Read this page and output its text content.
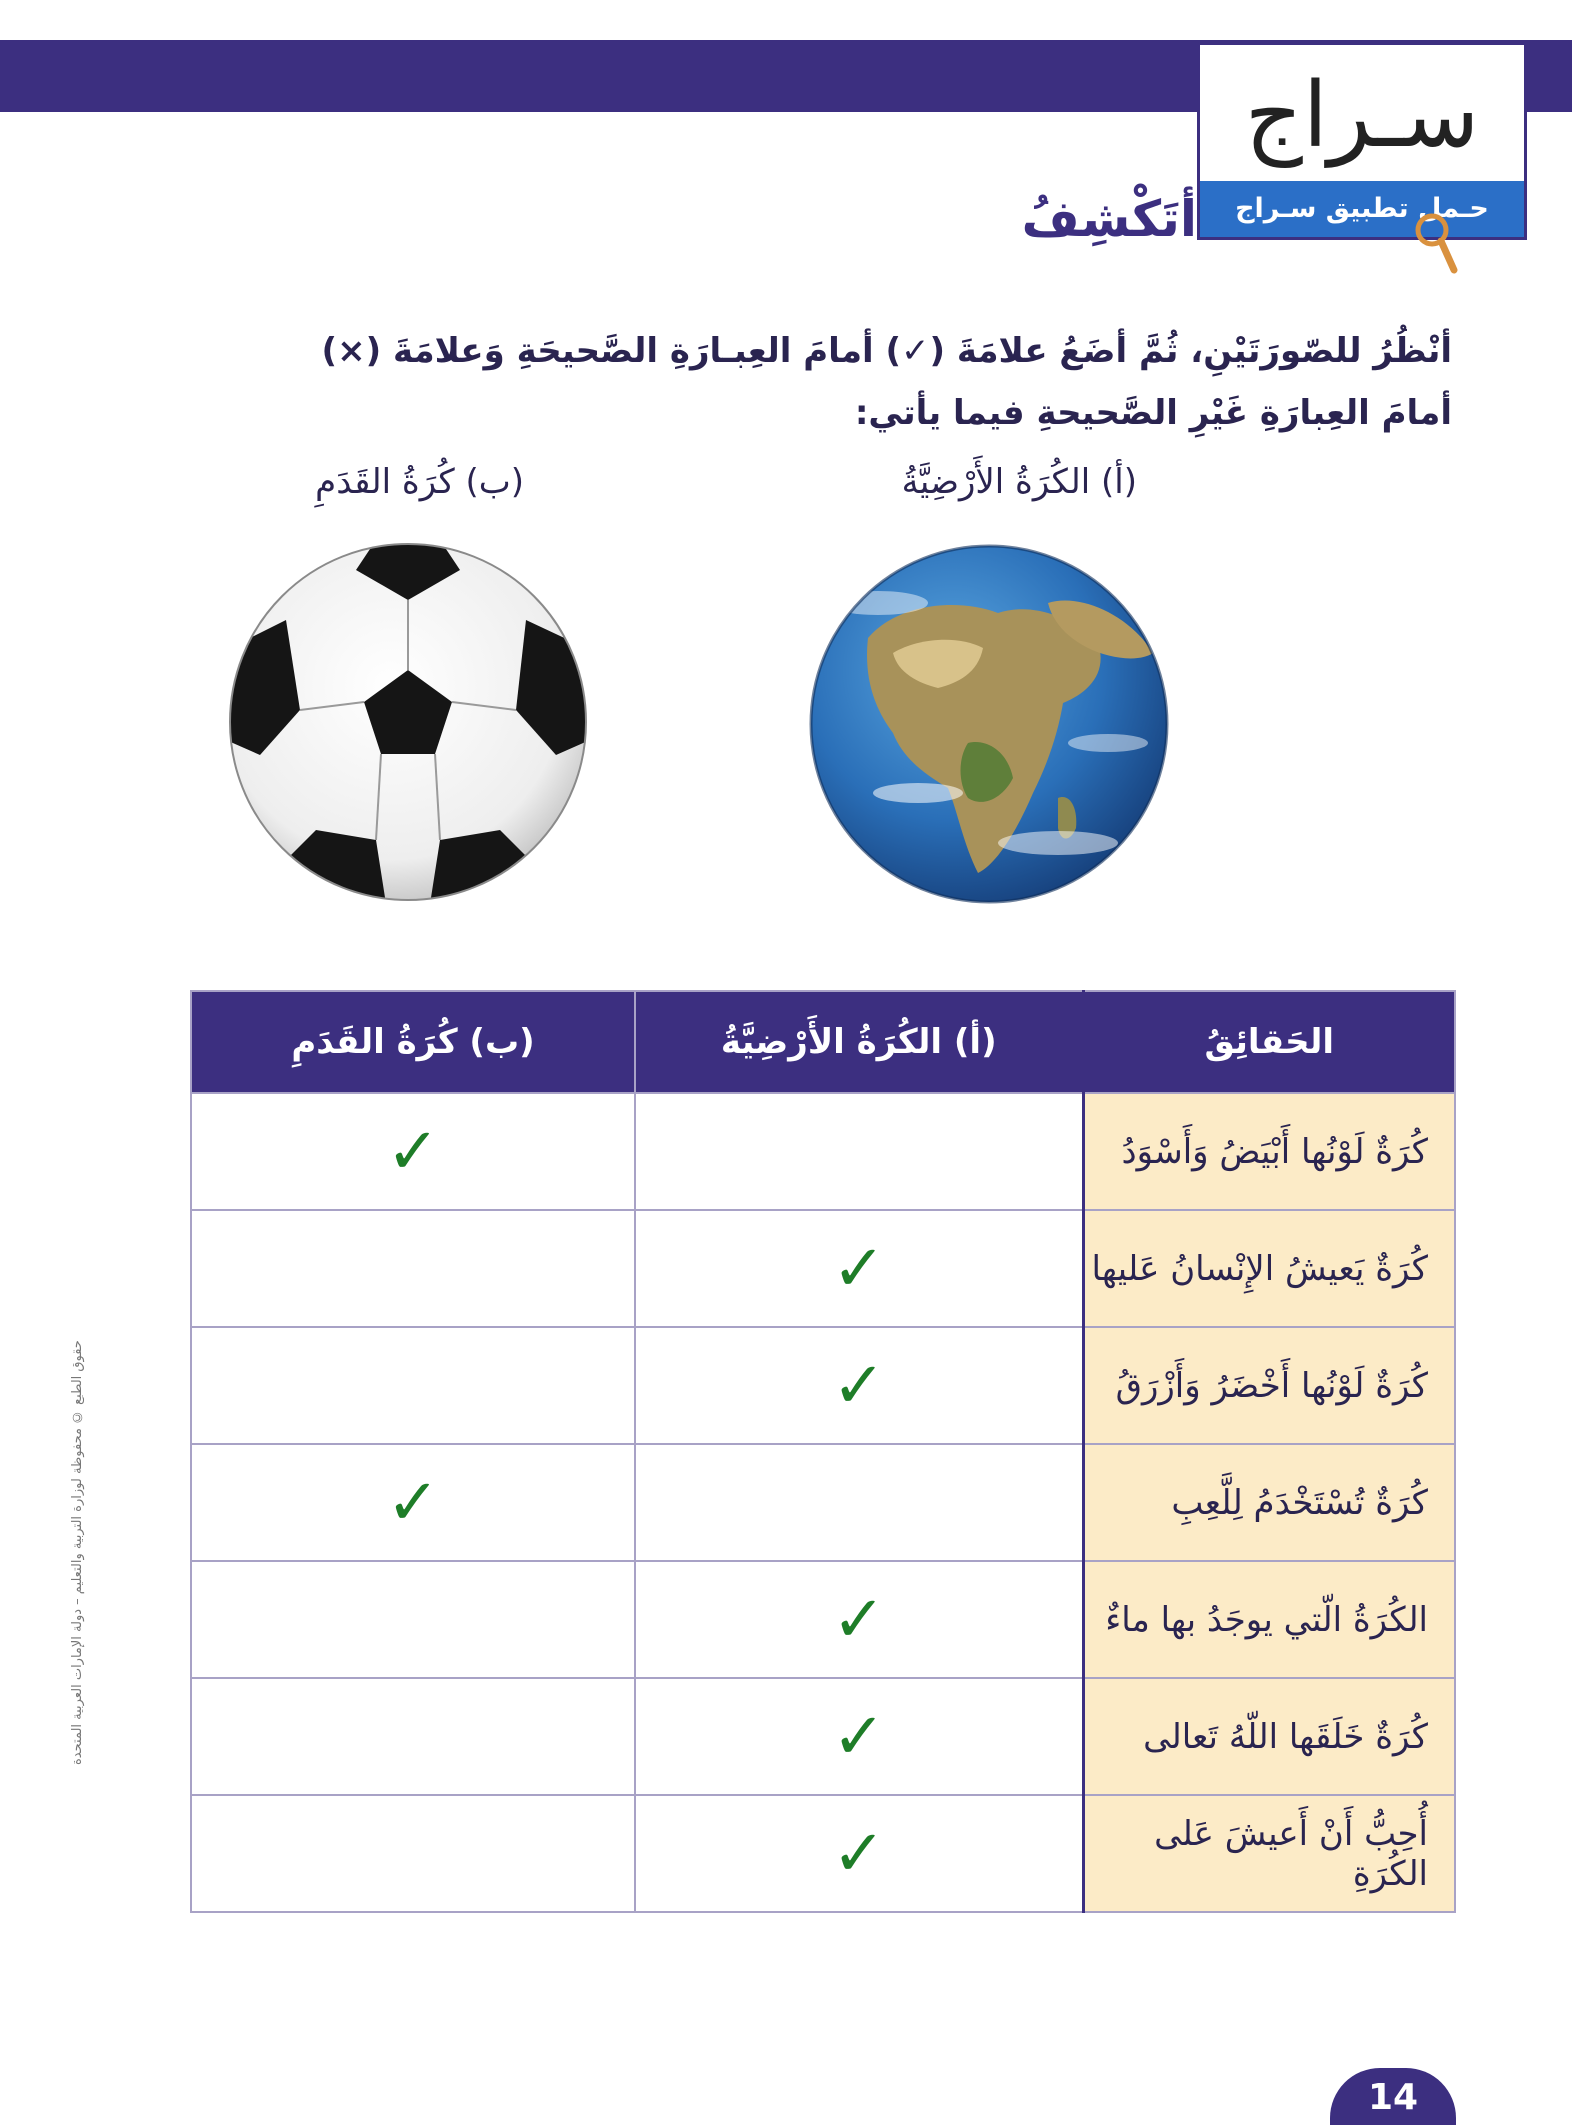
سـراج
حـمل تطبيق سـراج
أتَكْشِفُ
أنْظُرُ للصّورَتَيْنِ، ثُمَّ أضَعُ علامَةَ (✓) أمامَ العِبـارَةِ الصَّحيحَةِ وَعلامَةَ (×) أمامَ العِبارَةِ غَيْرِ الصَّحيحةِ فيما يأتي:
(أ) الكُرَةُ الأَرْضِيَّةُ
(ب) كُرَةُ القَدَمِ
الحَقائِقُ	(أ) الكُرَةُ الأَرْضِيَّةُ	(ب) كُرَةُ القَدَمِ
كُرَةٌ لَوْنُها أَبْيَضُ وَأَسْوَدُ		✓
كُرَةٌ يَعيشُ الإِنْسانُ عَليها	✓	
كُرَةٌ لَوْنُها أَخْضَرُ وَأَزْرَقُ	✓	
كُرَةٌ تُسْتَخْدَمُ لِلَّعِبِ		✓
الكُرَةُ الّتي يوجَدُ بها ماءٌ	✓	
كُرَةٌ خَلَقَها اللّهُ تَعالى	✓	
أُحِبُّ أَنْ أَعيشَ عَلى الكُرَةِ	✓	
حقوق الطبع © محفوظة لوزارة التربية والتعليم – دولة الإمارات العربية المتحدة
14
